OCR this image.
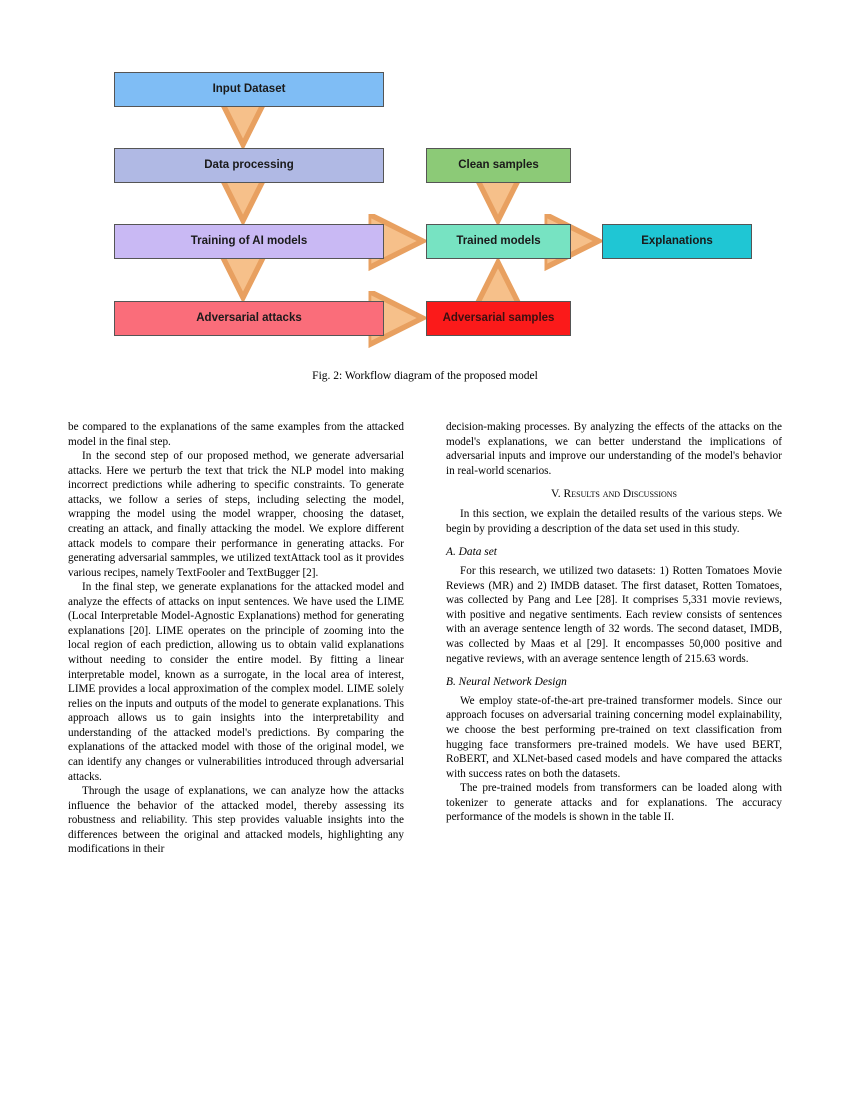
Input Dataset
Data processing
Training of AI models
Adversarial attacks
Clean samples
Trained models
Adversarial samples
Explanations
Fig. 2: Workflow diagram of the proposed model

be compared to the explanations of the same examples from the attacked model in the final step.

In the second step of our proposed method, we generate adversarial attacks. Here we perturb the text that trick the NLP model into making incorrect predictions while adhering to specific constraints. To generate attacks, we follow a series of steps, including selecting the model, wrapping the model using the model wrapper, choosing the dataset, creating an attack, and finally attacking the model. We explore different attack models to compare their performance in generating attacks. For generating adversarial sammples, we utilized textAttack tool as it provides various recipes, namely TextFooler and TextBugger [2].

In the final step, we generate explanations for the attacked model and analyze the effects of attacks on input sentences. We have used the LIME (Local Interpretable Model-Agnostic Explanations) method for generating explanations [20]. LIME operates on the principle of zooming into the local region of each prediction, allowing us to obtain valid explanations without needing to consider the entire model. By fitting a linear interpretable model, known as a surrogate, in the local area of interest, LIME provides a local approximation of the complex model. LIME solely relies on the inputs and outputs of the model to generate explanations. This approach allows us to gain insights into the interpretability and understanding of the attacked model's predictions. By comparing the explanations of the attacked model with those of the original model, we can identify any changes or vulnerabilities introduced through adversarial attacks.

Through the usage of explanations, we can analyze how the attacks influence the behavior of the attacked model, thereby assessing its robustness and reliability. This step provides valuable insights into the differences between the original and attacked models, highlighting any modifications in their

decision-making processes. By analyzing the effects of the attacks on the model's explanations, we can better understand the implications of adversarial inputs and improve our understanding of the model's behavior in real-world scenarios.

V. Results and Discussions

In this section, we explain the detailed results of the various steps. We begin by providing a description of the data set used in this study.

A. Data set

For this research, we utilized two datasets: 1) Rotten Tomatoes Movie Reviews (MR) and 2) IMDB dataset. The first dataset, Rotten Tomatoes, was collected by Pang and Lee [28]. It comprises 5,331 movie reviews, with positive and negative sentiments. Each review consists of sentences with an average sentence length of 32 words. The second dataset, IMDB, was collected by Maas et al [29]. It encompasses 50,000 positive and negative reviews, with an average sentence length of 215.63 words.

B. Neural Network Design

We employ state-of-the-art pre-trained transformer models. Since our approach focuses on adversarial training concerning model explainability, we choose the best performing pre-trained on text classification from hugging face transformers pre-trained models. We have used BERT, RoBERT, and XLNet-based cased models and have compared the attacks with success rates on both the datasets.

The pre-trained models from transformers can be loaded along with tokenizer to generate attacks and for explanations. The accuracy performance of the models is shown in the table II.
